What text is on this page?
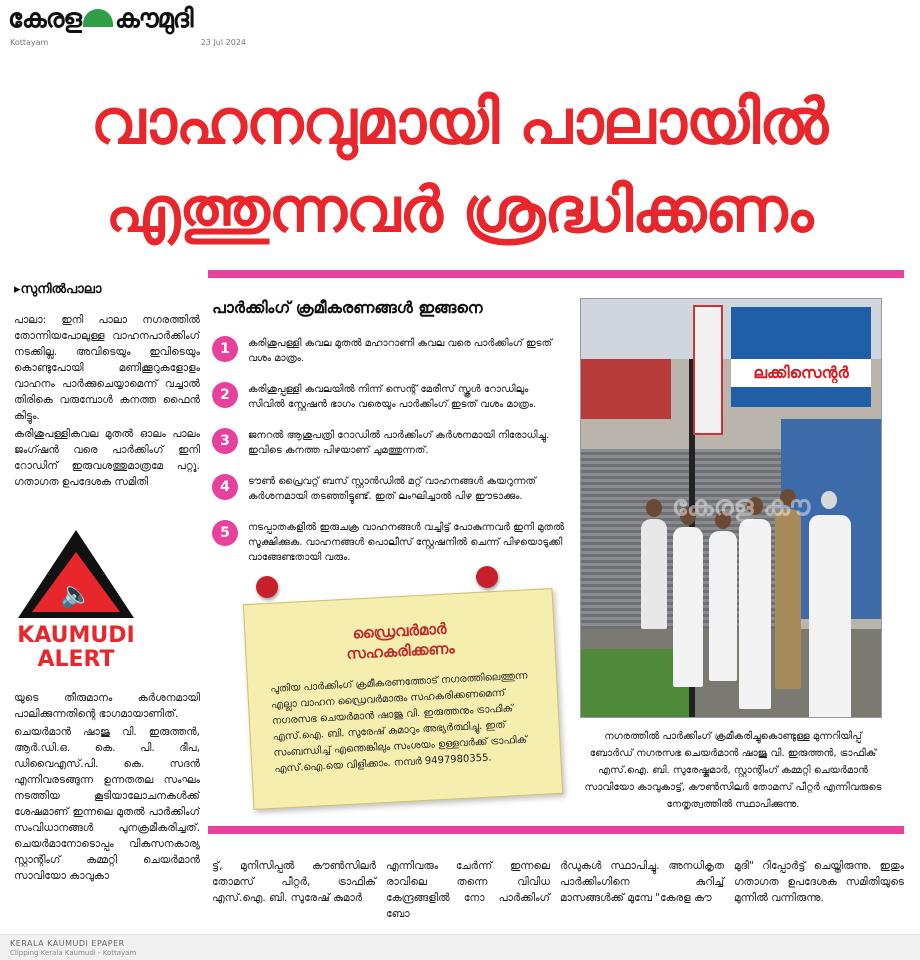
കേരള കൗമുദി
Kottayam	23 Jul 2024
വാഹനവുമായി പാലായിൽ
എത്തുന്നവർ ശ്രദ്ധിക്കണം
▸സുനിൽപാലാ

പാലാ: ഇനി പാലാ നഗരത്തിൽ തോന്നിയപോലുള്ള വാഹനപാർക്കിംഗ് നടക്കില്ല. അവിടെയും ഇവിടെയും കൊണ്ടുപോയി മണിക്കൂറുകളോളം വാഹനം പാർക്കുചെയ്യാമെന്ന് വച്ചാൽ തിരികെ വരുമ്പോൾ കനത്ത ഫൈൻ കിട്ടും.

കരിശുപള്ളികവല മുതൽ ഓലം പാലം ജംഗ്ഷൻ വരെ പാർക്കിംഗ് ഇനി റോഡിന് ഇരുവശത്തുമാത്രമേ പറ്റൂ. ഗതാഗത ഉപദേശക സമിതി

🔈
KAUMUDI
ALERT

യുടെ തീരുമാനം കർശനമായി പാലിക്കുന്നതിന്റെ ഭാഗമായാണിത്.

ചെയർമാൻ ഷാജു വി. ഇരുത്തൻ, ആർ.ഡി.ഒ. കെ. പി. ദീപ, ഡിവൈഎസ്.പി. കെ. സദൻ എന്നിവരടങ്ങുന്ന ഉന്നതതല സംഘം നടത്തിയ കൂടിയാലോചനകൾക്ക് ശേഷമാണ് ഇന്നലെ മുതൽ പാർക്കിംഗ് സംവിധാനങ്ങൾ പുനക്രമീകരിച്ചത്. ചെയർമാനോടൊപ്പം വികസനകാര്യ സ്റ്റാന്റിംഗ് കമ്മറ്റി ചെയർമാൻ സാവിയോ കാവുകാ

പാർക്കിംഗ് ക്രമീകരണങ്ങൾ ഇങ്ങനെ
1	കരിശുപള്ളി കവല മുതൽ മഹാറാണി കവല വരെ പാർക്കിംഗ് ഇടത് വശം മാത്രം.
2	കരിശുപ്പള്ളി കവലയിൽ നിന്ന് സെന്റ് മേരീസ് സ്കൂൾ റോഡിലും സിവിൽ സ്റ്റേഷൻ ഭാഗം വരെയും പാർക്കിംഗ് ഇടത് വശം മാത്രം.
3	ജനറൽ ആശുപത്രി റോഡിൽ പാർക്കിംഗ് കർശനമായി നിരോധിച്ചു. ഇവിടെ കനത്ത പിഴയാണ് ചുമത്തുന്നത്.
4	ടൗൺ പ്രൈവറ്റ് ബസ് സ്റ്റാൻഡിൽ മറ്റ് വാഹനങ്ങൾ കയറുന്നത് കർശനമായി തടഞ്ഞിട്ടുണ്ട്. ഇത് ലംഘിച്ചാൽ പിഴ ഈടാക്കും.
5	നടപ്പാതകളിൽ ഇരുചക്ര വാഹനങ്ങൾ വച്ചിട്ട് പോകുന്നവർ ഇനി മുതൽ സൂക്ഷിക്കുക. വാഹനങ്ങൾ പൊലീസ് സ്റ്റേഷനിൽ ചെന്ന് പിഴയൊടുക്കി വാങ്ങേണ്ടതായി വരും.
ഡ്രൈവർമാർ
സഹകരിക്കണം
പുതിയ പാർക്കിംഗ് ക്രമീകരണത്തോട് നഗരത്തിലെത്തുന്ന എല്ലാ വാഹന ഡ്രൈവർമാരും സഹകരിക്കണമെന്ന് നഗരസഭ ചെയർമാൻ ഷാജു വി. ഇരുത്തനും ട്രാഫിക് എസ്.ഐ. ബി. സുരേഷ് കുമാറും അഭ്യർത്ഥിച്ചു. ഇത് സംബന്ധിച്ച് എന്തെങ്കിലും സംശയം ഉള്ളവർക്ക് ട്രാഫിക് എസ്.ഐ.യെ വിളിക്കാം. നമ്പർ 9497980355.
ലക്കിസെന്റർ
കേരള കൗ
നഗരത്തിൽ പാർക്കിംഗ് ക്രമീകരിച്ചുകൊണ്ടുള്ള മുന്നറിയിപ്പ് ബോർഡ് നഗരസഭ ചെയർമാൻ ഷാജു വി. ഇരുത്തൻ, ട്രാഫിക് എസ്.ഐ. ബി. സുരേഷ്കുമാർ, സ്റ്റാന്റിംഗ് കമ്മറ്റി ചെയർമാൻ സാവിയോ കാവുകാട്ട്, കൗൺസിലർ തോമസ് പീറ്റർ എന്നിവരുടെ നേതൃത്വത്തിൽ സ്ഥാപിക്കുന്നു.
ട്ട്, മുനിസിപ്പൽ കൗൺസിലർ തോമസ് പീറ്റർ, ട്രാഫിക് എസ്.ഐ. ബി. സുരേഷ് കുമാർ
എന്നിവരും ചേർന്ന് ഇന്നലെ രാവിലെ തന്നെ വിവിധ കേന്ദ്രങ്ങളിൽ നോ പാർക്കിംഗ് ബോ
ർഡുകൾ സ്ഥാപിച്ചു. അനധികൃത പാർക്കിംഗിനെ കുറിച്ച് മാസങ്ങൾക്ക് മുമ്പേ "കേരള കൗ
മുദി" റിപ്പോർട്ട് ചെയ്തിരുന്നു. ഇതും ഗതാഗത ഉപദേശക സമിതിയുടെ മുന്നിൽ വന്നിരുന്നു.
KERALA KAUMUDI EPAPER
Clipping Kerala Kaumudi - Kottayam
